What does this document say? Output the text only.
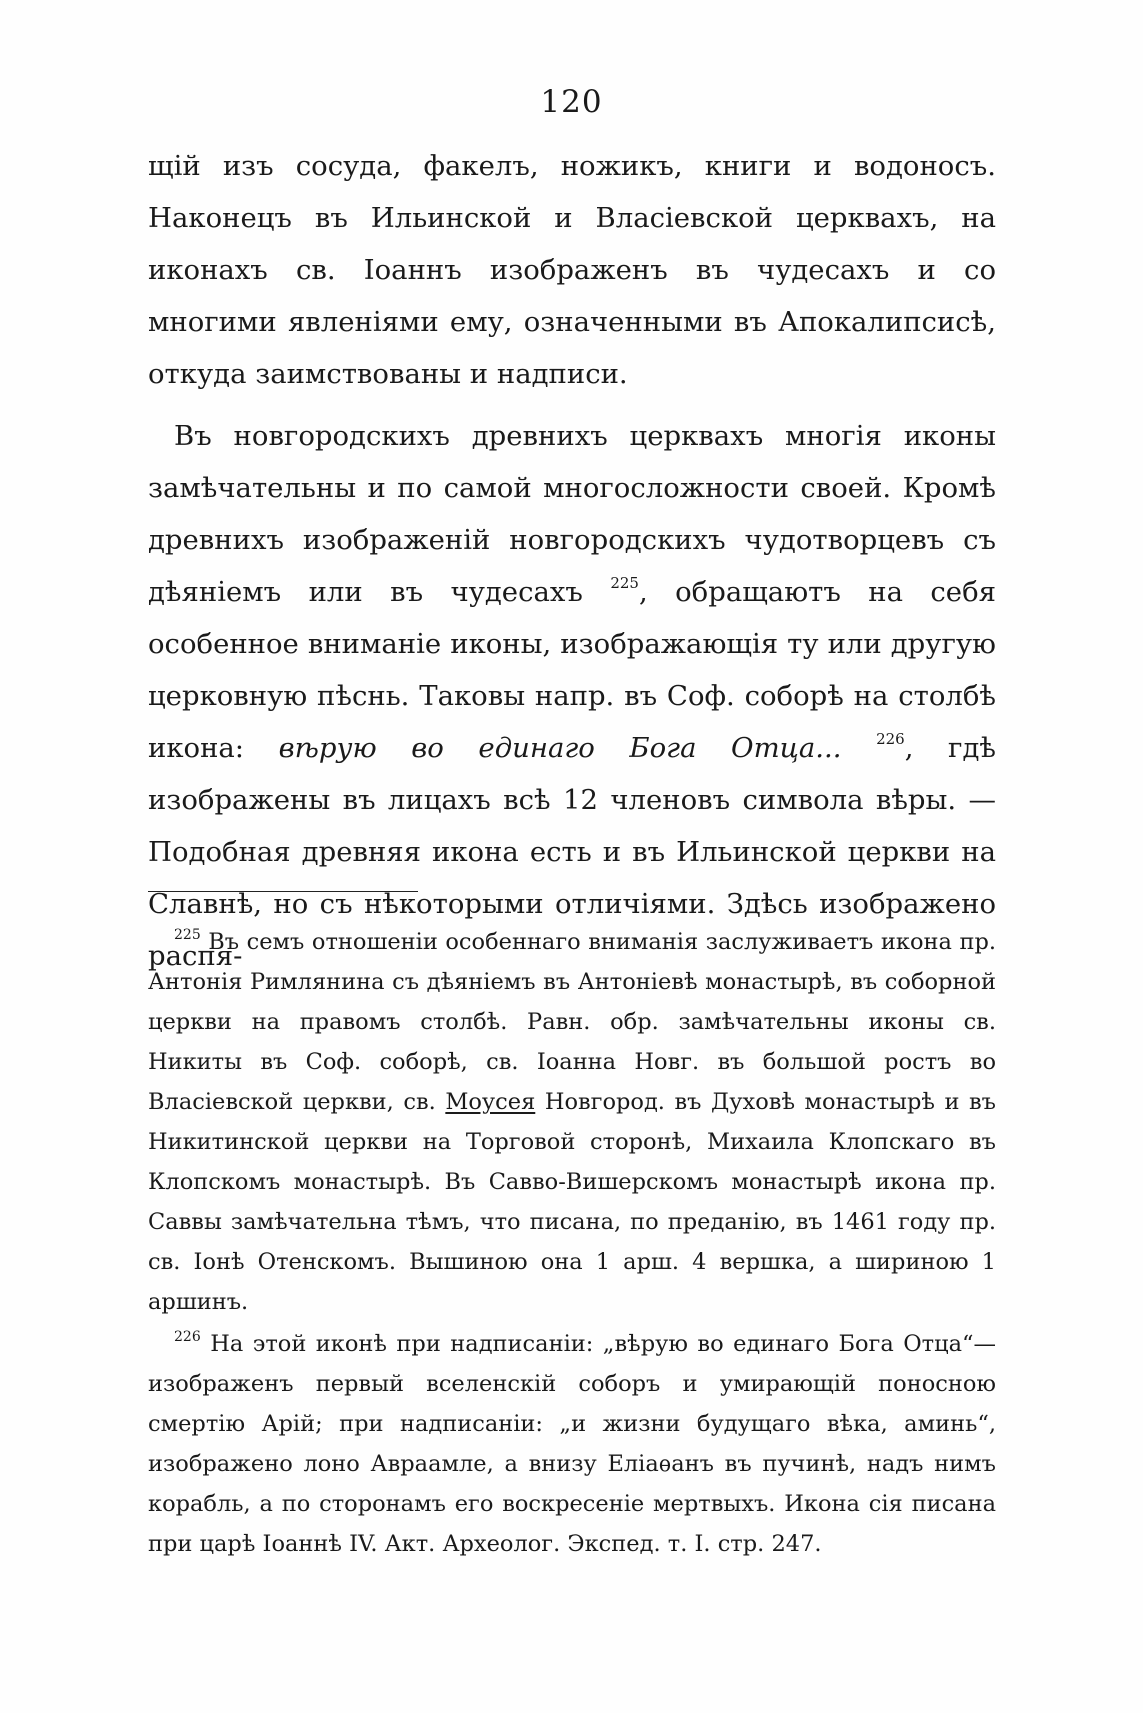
120

щій изъ сосуда, факелъ, ножикъ, книги и водоносъ. Наконецъ въ Ильинской и Власіевской церквахъ, на иконахъ св. Іоаннъ изображенъ въ чудесахъ и со многими явленіями ему, означенными въ Апокалипсисѣ, откуда заимствованы и надписи.

Въ новгородскихъ древнихъ церквахъ многія иконы замѣчательны и по самой многосложности своей. Кромѣ древнихъ изображеній новгородскихъ чудотворцевъ съ дѣяніемъ или въ чудесахъ $^{225}$, обращаютъ на себя особенное вниманіе иконы, изображающія ту или другую церковную пѣснь. Таковы напр. въ Соф. соборѣ на столбѣ икона: вѣрую во единаго Бога Отца... $^{226}$, гдѣ изображены въ лицахъ всѣ 12 членовъ символа вѣры. — Подобная древняя икона есть и въ Ильинской церкви на Славнѣ, но съ нѣкоторыми отличіями. Здѣсь изображено распя-

$^{225}$ Въ семъ отношеніи особеннаго вниманія заслуживаетъ икона пр. Антонія Римлянина съ дѣяніемъ въ Антоніевѣ монастырѣ, въ соборной церкви на правомъ столбѣ. Равн. обр. замѣчательны иконы св. Никиты въ Соф. соборѣ, св. Іоанна Новг. въ большой ростъ во Власіевской церкви, св. Моусея Новгород. въ Духовѣ монастырѣ и въ Никитинской церкви на Торговой сторонѣ, Михаила Клопскаго въ Клопскомъ монастырѣ. Въ Савво-Вишерскомъ монастырѣ икона пр. Саввы замѣчательна тѣмъ, что писана, по преданію, въ 1461 году пр. св. Іонѣ Отенскомъ. Вышиною она 1 арш. 4 вершка, а шириною 1 аршинъ.

$^{226}$ На этой иконѣ при надписаніи: „вѣрую во единаго Бога Отца“—изображенъ первый вселенскій соборъ и умирающій поносною смертію Арій; при надписаніи: „и жизни будущаго вѣка, аминь“, изображено лоно Авраамле, а внизу Еліаѳанъ въ пучинѣ, надъ нимъ корабль, а по сторонамъ его воскресеніе мертвыхъ. Икона сія писана при царѣ Іоаннѣ IV. Акт. Археолог. Экспед. т. I. стр. 247.
